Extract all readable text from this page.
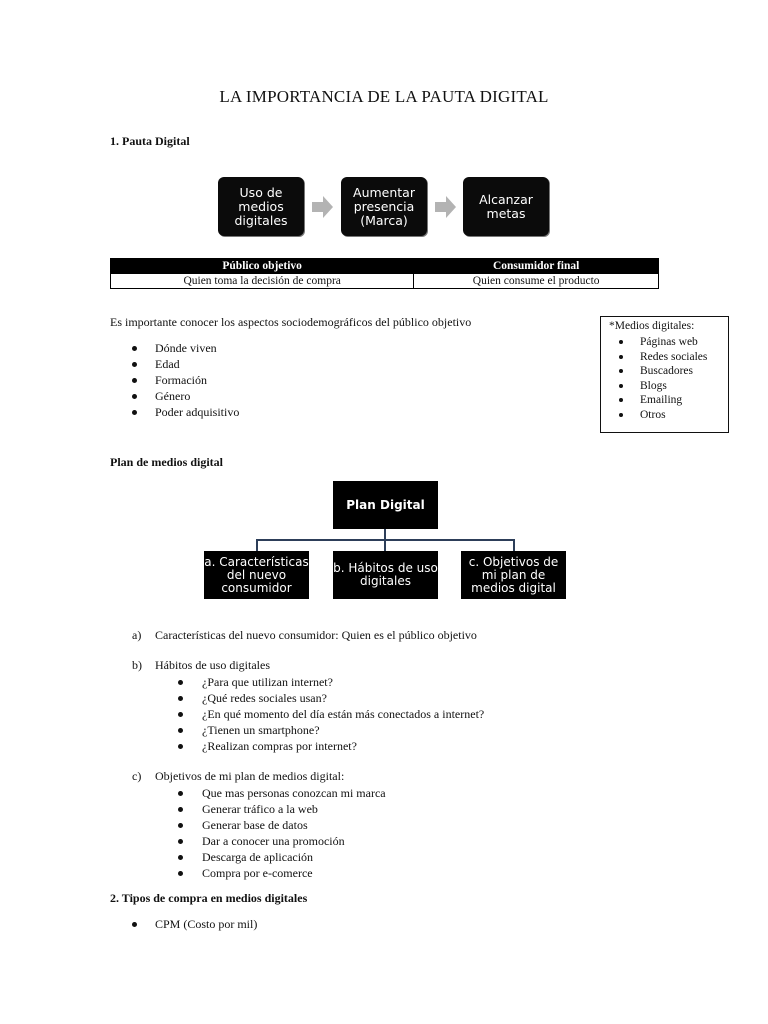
LA IMPORTANCIA DE LA PAUTA DIGITAL
1. Pauta Digital
Uso de medios digitales
Aumentar presencia (Marca)
Alcanzar metas
Público objetivo	Consumidor final
Quien toma la decisión de compra	Quien consume el producto
Es importante conocer los aspectos sociodemográficos del público objetivo
Dónde viven
Edad
Formación
Género
Poder adquisitivo
*Medios digitales:
Páginas web
Redes sociales
Buscadores
Blogs
Emailing
Otros
Plan de medios digital
Plan Digital
a. Características del nuevo consumidor
b. Hábitos de uso digitales
c. Objetivos de mi plan de medios digital
a) Características del nuevo consumidor: Quien es el público objetivo
b) Hábitos de uso digitales
¿Para que utilizan internet?
¿Qué redes sociales usan?
¿En qué momento del día están más conectados a internet?
¿Tienen un smartphone?
¿Realizan compras por internet?
c) Objetivos de mi plan de medios digital:
Que mas personas conozcan mi marca
Generar tráfico a la web
Generar base de datos
Dar a conocer una promoción
Descarga de aplicación
Compra por e-comerce
2. Tipos de compra en medios digitales
CPM (Costo por mil)
